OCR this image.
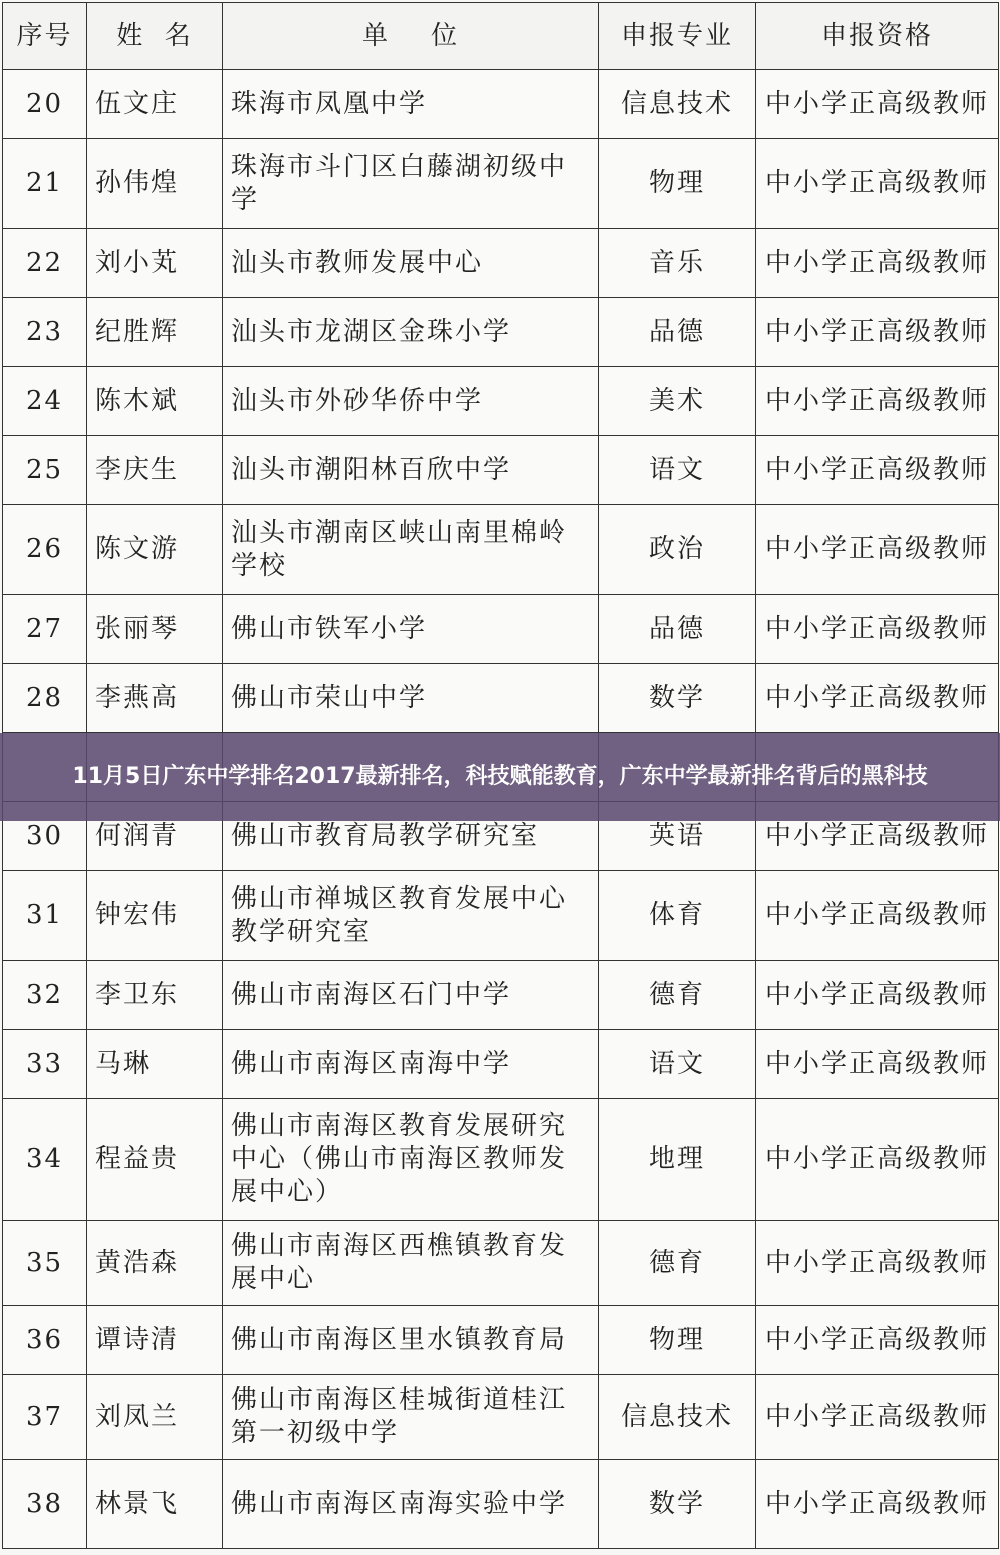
序号	姓  名	单    位	申报专业	申报资格
20	伍文庄	珠海市凤凰中学	信息技术	中小学正高级教师
21	孙伟煌	珠海市斗门区白藤湖初级中学	物理	中小学正高级教师
22	刘小芄	汕头市教师发展中心	音乐	中小学正高级教师
23	纪胜辉	汕头市龙湖区金珠小学	品德	中小学正高级教师
24	陈木斌	汕头市外砂华侨中学	美术	中小学正高级教师
25	李庆生	汕头市潮阳林百欣中学	语文	中小学正高级教师
26	陈文游	汕头市潮南区峡山南里棉岭学校	政治	中小学正高级教师
27	张丽琴	佛山市铁军小学	品德	中小学正高级教师
28	李燕高	佛山市荣山中学	数学	中小学正高级教师

30	何润青	佛山市教育局教学研究室	英语	中小学正高级教师
31	钟宏伟	佛山市禅城区教育发展中心教学研究室	体育	中小学正高级教师
32	李卫东	佛山市南海区石门中学	德育	中小学正高级教师
33	马琳	佛山市南海区南海中学	语文	中小学正高级教师
34	程益贵	佛山市南海区教育发展研究中心（佛山市南海区教师发展中心）	地理	中小学正高级教师
35	黄浩森	佛山市南海区西樵镇教育发展中心	德育	中小学正高级教师
36	谭诗清	佛山市南海区里水镇教育局	物理	中小学正高级教师
37	刘凤兰	佛山市南海区桂城街道桂江第一初级中学	信息技术	中小学正高级教师
38	林景飞	佛山市南海区南海实验中学	数学	中小学正高级教师
11月5日广东中学排名2017最新排名，科技赋能教育，广东中学最新排名背后的黑科技
